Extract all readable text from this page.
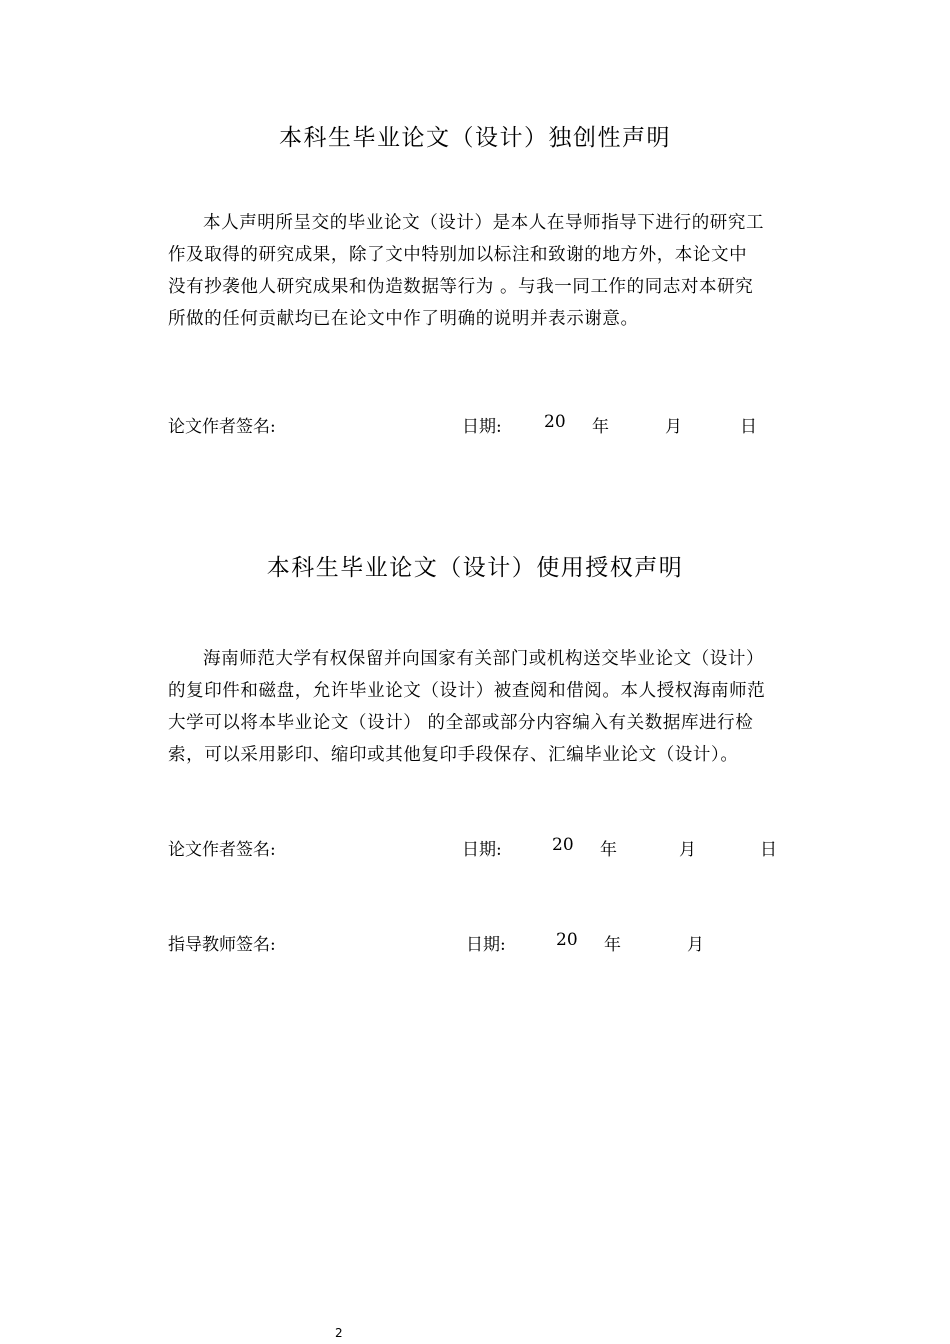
本科生毕业论文（设计）独创性声明

本人声明所呈交的毕业论文（设计）是本人在导师指导下进行的研究工
作及取得的研究成果，除了文中特别加以标注和致谢的地方外，本论文中
没有抄袭他人研究成果和伪造数据等行为 。与我一同工作的同志对本研究
所做的任何贡献均已在论文中作了明确的说明并表示谢意。

论文作者签名:	日期: 20 年	月	日
本科生毕业论文（设计）使用授权声明

海南师范大学有权保留并向国家有关部门或机构送交毕业论文（设计）
的复印件和磁盘，允许毕业论文（设计）被查阅和借阅。本人授权海南师范
大学可以将本毕业论文（设计） 的全部或部分内容编入有关数据库进行检
索，可以采用影印、缩印或其他复印手段保存、汇编毕业论文（设计）。

论文作者签名:	日期:	20 年	月	日
指导教师签名:	日期:	20 年	月
2
